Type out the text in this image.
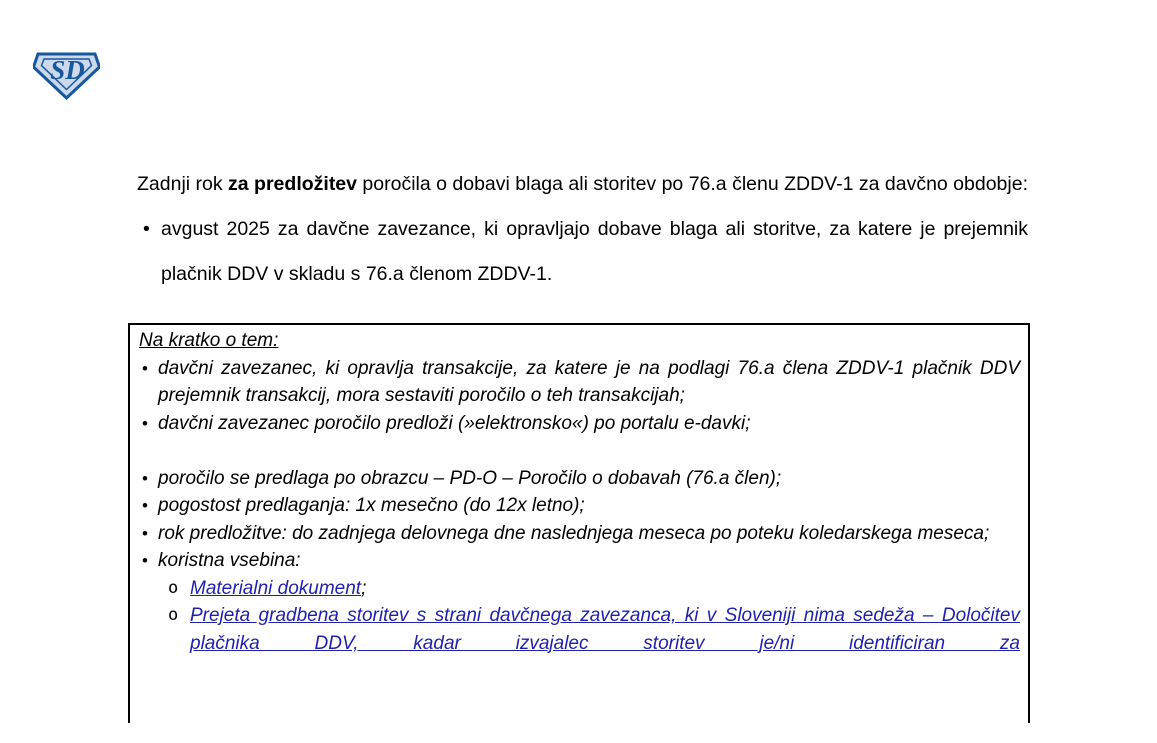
SD

Zadnji rok za predložitev poročila o dobavi blaga ali storitev po 76.a členu ZDDV-1 za davčno obdobje:

• avgust 2025 za davčne zavezance, ki opravljajo dobave blaga ali storitve, za katere je prejemnik plačnik DDV v skladu s 76.a členom ZDDV-1.
Na kratko o tem:
• davčni zavezanec, ki opravlja transakcije, za katere je na podlagi 76.a člena ZDDV-1 plačnik DDV prejemnik transakcij, mora sestaviti poročilo o teh transakcijah;
• davčni zavezanec poročilo predloži (»elektronsko«) po portalu e-davki;
• poročilo se predlaga po obrazcu – PD-O – Poročilo o dobavah (76.a člen);
• pogostost predlaganja: 1x mesečno (do 12x letno);
• rok predložitve: do zadnjega delovnega dne naslednjega meseca po poteku koledarskega meseca;
• koristna vsebina:
o Materialni dokument;
o Prejeta gradbena storitev s strani davčnega zavezanca, ki v Sloveniji nima sedeža – Določitev plačnika DDV, kadar izvajalec storitev je/ni identificiran za
